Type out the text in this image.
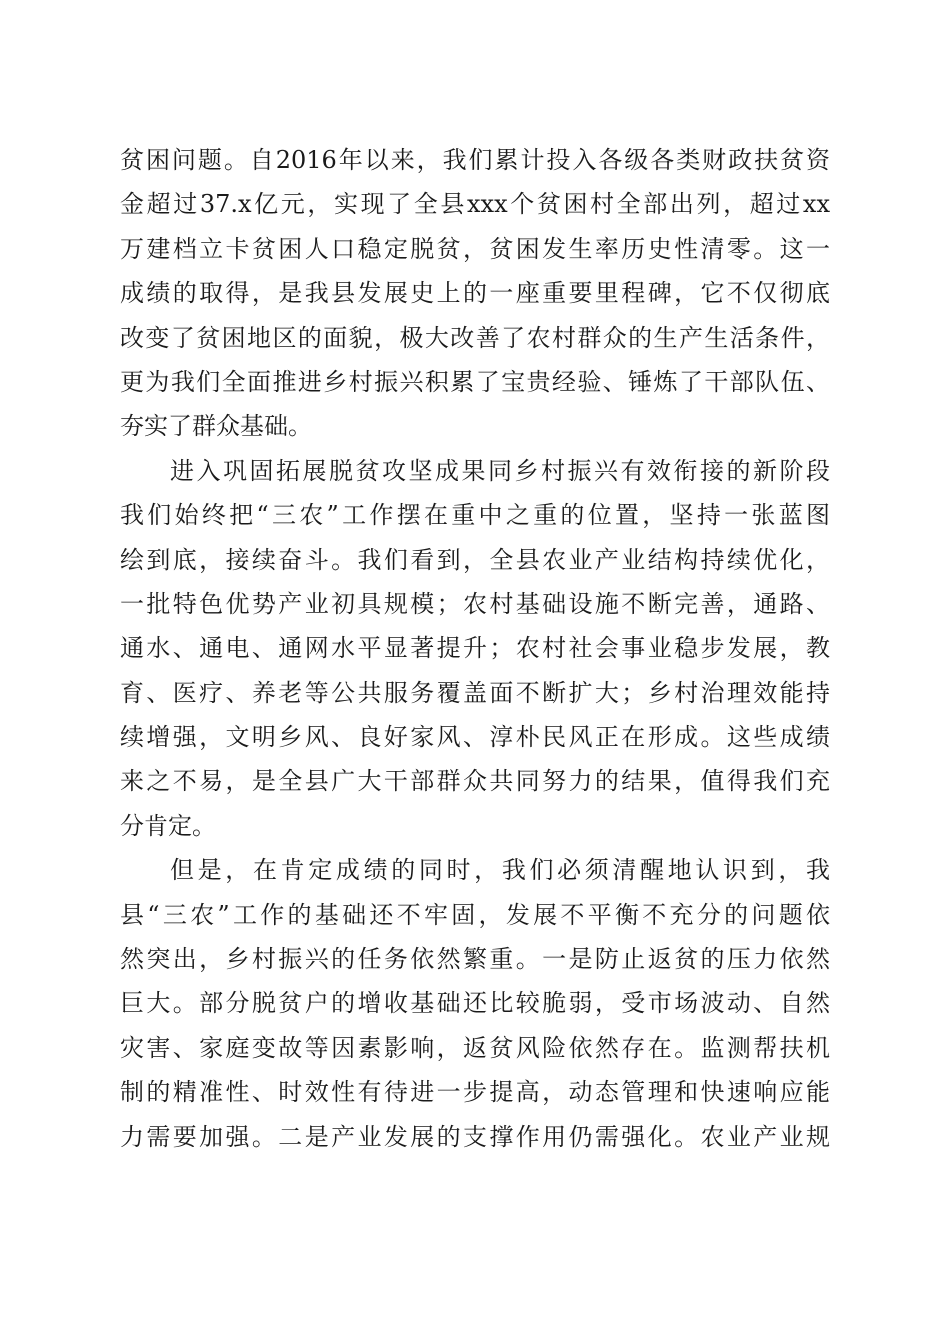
贫困问题。自2016年以来，我们累计投入各级各类财政扶贫资
金超过37.x亿元，实现了全县xxx个贫困村全部出列，超过xx
万建档立卡贫困人口稳定脱贫，贫困发生率历史性清零。这一
成绩的取得，是我县发展史上的一座重要里程碑，它不仅彻底
改变了贫困地区的面貌，极大改善了农村群众的生产生活条件，
更为我们全面推进乡村振兴积累了宝贵经验、锤炼了干部队伍、
夯实了群众基础。
进入巩固拓展脱贫攻坚成果同乡村振兴有效衔接的新阶段
我们始终把“三农”工作摆在重中之重的位置，坚持一张蓝图
绘到底，接续奋斗。我们看到，全县农业产业结构持续优化，
一批特色优势产业初具规模；农村基础设施不断完善，通路、
通水、通电、通网水平显著提升；农村社会事业稳步发展，教
育、医疗、养老等公共服务覆盖面不断扩大；乡村治理效能持
续增强，文明乡风、良好家风、淳朴民风正在形成。这些成绩
来之不易，是全县广大干部群众共同努力的结果，值得我们充
分肯定。
但是，在肯定成绩的同时，我们必须清醒地认识到，我
县“三农”工作的基础还不牢固，发展不平衡不充分的问题依
然突出，乡村振兴的任务依然繁重。一是防止返贫的压力依然
巨大。部分脱贫户的增收基础还比较脆弱，受市场波动、自然
灾害、家庭变故等因素影响，返贫风险依然存在。监测帮扶机
制的精准性、时效性有待进一步提高，动态管理和快速响应能
力需要加强。二是产业发展的支撑作用仍需强化。农业产业规
